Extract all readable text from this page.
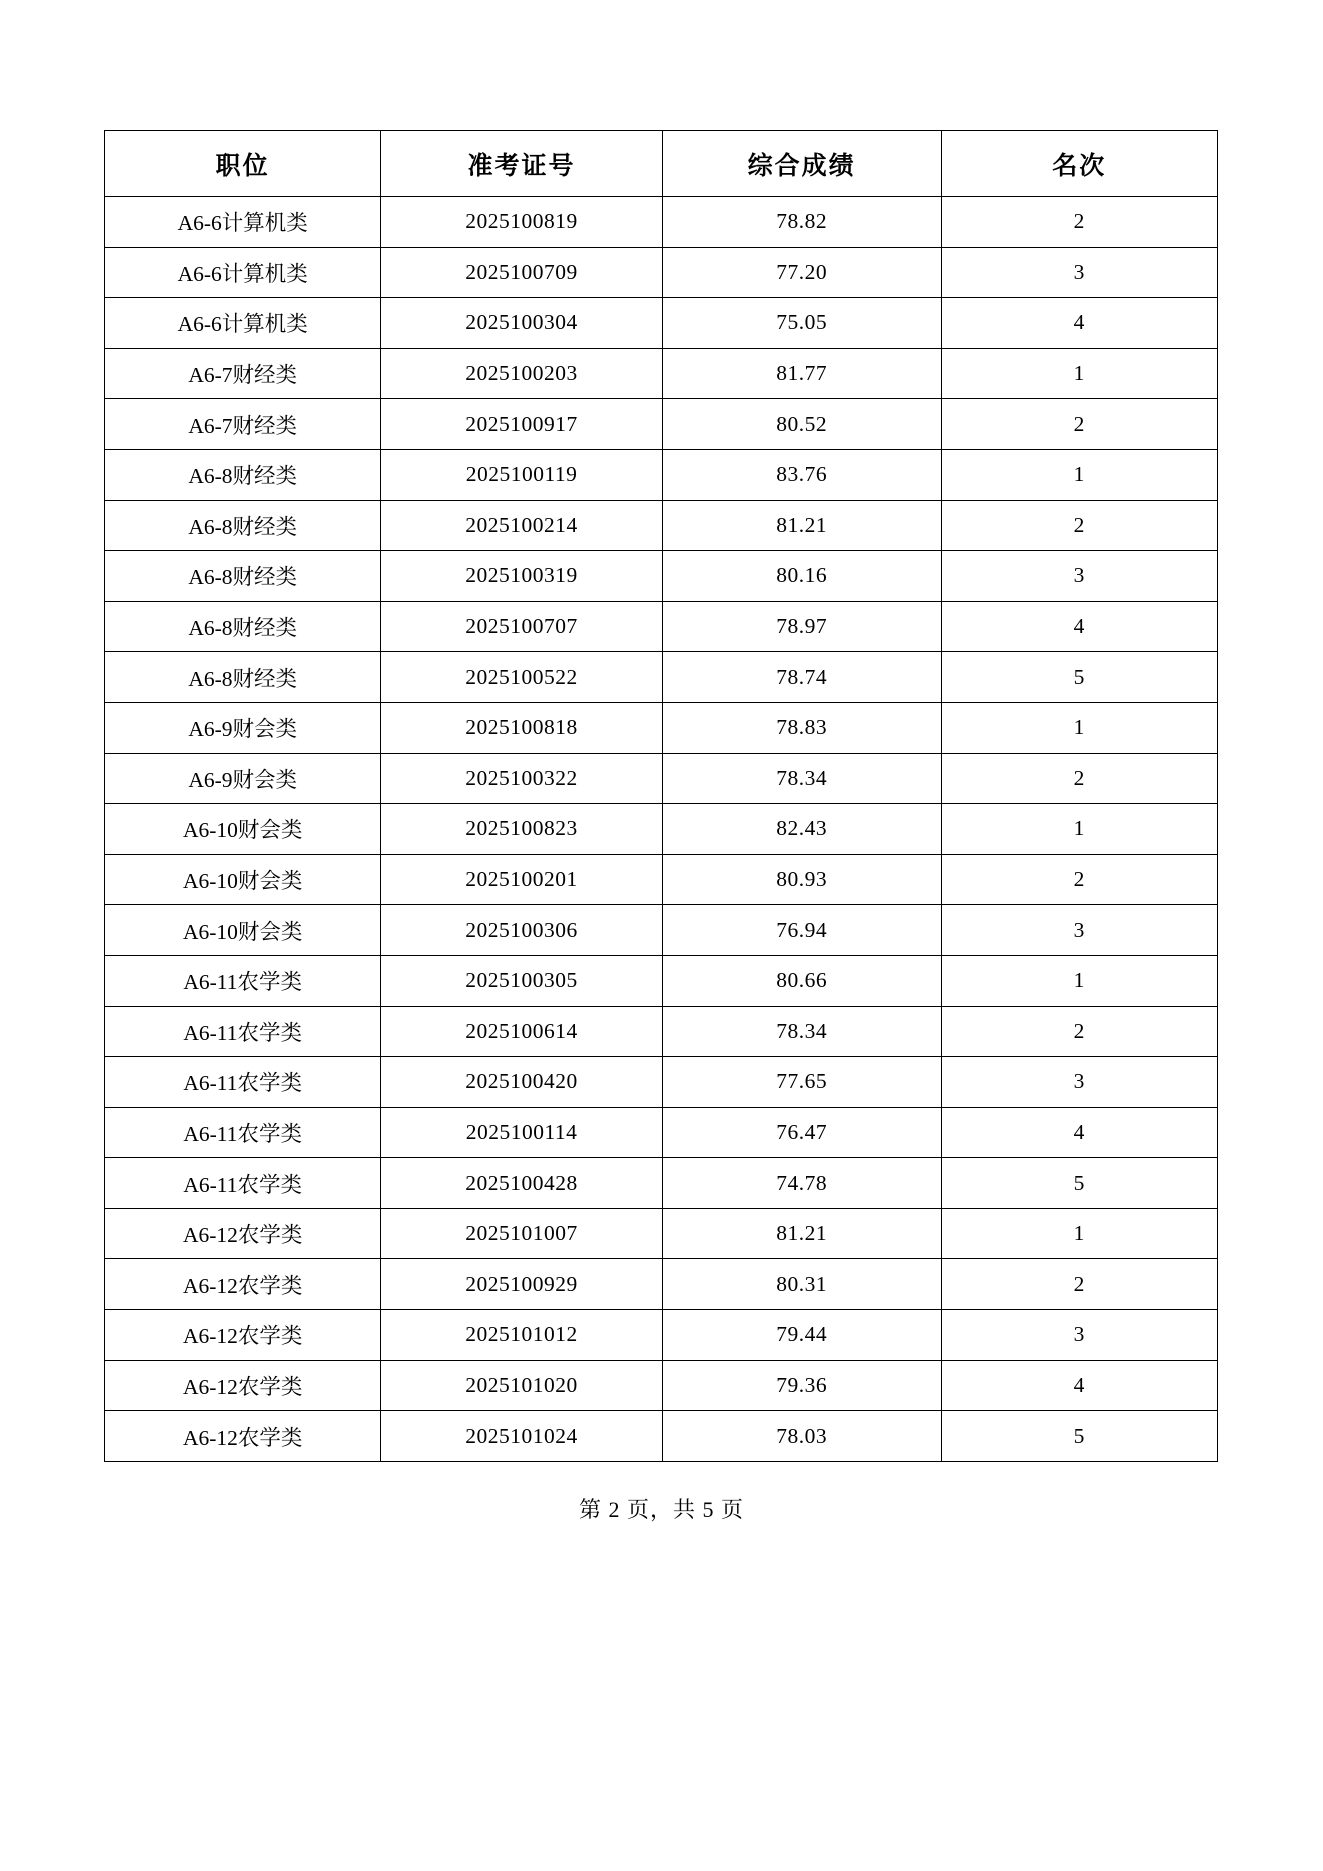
职位	准考证号	综合成绩	名次
A6-6计算机类	2025100819	78.82	2
A6-6计算机类	2025100709	77.20	3
A6-6计算机类	2025100304	75.05	4
A6-7财经类	2025100203	81.77	1
A6-7财经类	2025100917	80.52	2
A6-8财经类	2025100119	83.76	1
A6-8财经类	2025100214	81.21	2
A6-8财经类	2025100319	80.16	3
A6-8财经类	2025100707	78.97	4
A6-8财经类	2025100522	78.74	5
A6-9财会类	2025100818	78.83	1
A6-9财会类	2025100322	78.34	2
A6-10财会类	2025100823	82.43	1
A6-10财会类	2025100201	80.93	2
A6-10财会类	2025100306	76.94	3
A6-11农学类	2025100305	80.66	1
A6-11农学类	2025100614	78.34	2
A6-11农学类	2025100420	77.65	3
A6-11农学类	2025100114	76.47	4
A6-11农学类	2025100428	74.78	5
A6-12农学类	2025101007	81.21	1
A6-12农学类	2025100929	80.31	2
A6-12农学类	2025101012	79.44	3
A6-12农学类	2025101020	79.36	4
A6-12农学类	2025101024	78.03	5
第 2 页，共 5 页
